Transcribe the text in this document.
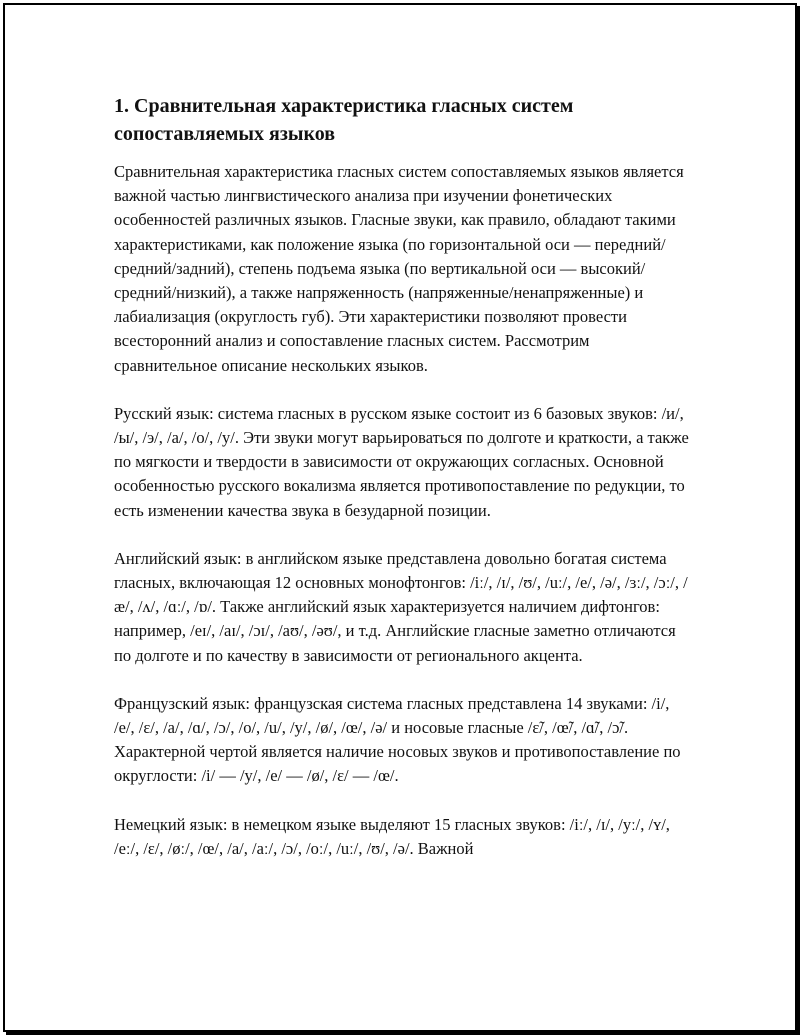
1. Сравнительная характеристика гласных систем сопоставляемых языков

Сравнительная характеристика гласных систем сопоставляемых языков является важной частью лингвистического анализа при изучении фонетических особенностей различных языков. Гласные звуки, как правило, обладают такими характеристиками, как положение языка (по горизонтальной оси — передний/средний/задний), степень подъема языка (по вертикальной оси — высокий/средний/низкий), а также напряженность (напряженные/ненапряженные) и лабиализация (округлость губ). Эти характеристики позволяют провести всесторонний анализ и сопоставление гласных систем. Рассмотрим сравнительное описание нескольких языков.

Русский язык: система гласных в русском языке состоит из 6 базовых звуков: /и/, /ы/, /э/, /а/, /о/, /у/. Эти звуки могут варьироваться по долготе и краткости, а также по мягкости и твердости в зависимости от окружающих согласных. Основной особенностью русского вокализма является противопоставление по редукции, то есть изменении качества звука в безударной позиции.

Английский язык: в английском языке представлена довольно богатая система гласных, включающая 12 основных монофтонгов: /iː/, /ɪ/, /ʊ/, /uː/, /e/, /ə/, /ɜː/, /ɔː/, /æ/, /ʌ/, /ɑː/, /ɒ/. Также английский язык характеризуется наличием дифтонгов: например, /eɪ/, /aɪ/, /ɔɪ/, /aʊ/, /əʊ/, и т.д. Английские гласные заметно отличаются по долготе и по качеству в зависимости от регионального акцента.

Французский язык: французская система гласных представлена 14 звуками: /i/, /e/, /ɛ/, /a/, /ɑ/, /ɔ/, /o/, /u/, /y/, /ø/, /œ/, /ə/ и носовые гласные /ɛ̃/, /œ̃/, /ɑ̃/, /ɔ̃/. Характерной чертой является наличие носовых звуков и противопоставление по округлости: /i/ — /y/, /e/ — /ø/, /ɛ/ — /œ/.

Немецкий язык: в немецком языке выделяют 15 гласных звуков: /iː/, /ɪ/, /yː/, /ʏ/, /eː/, /ɛ/, /øː/, /œ/, /a/, /aː/, /ɔ/, /oː/, /uː/, /ʊ/, /ə/. Важной
